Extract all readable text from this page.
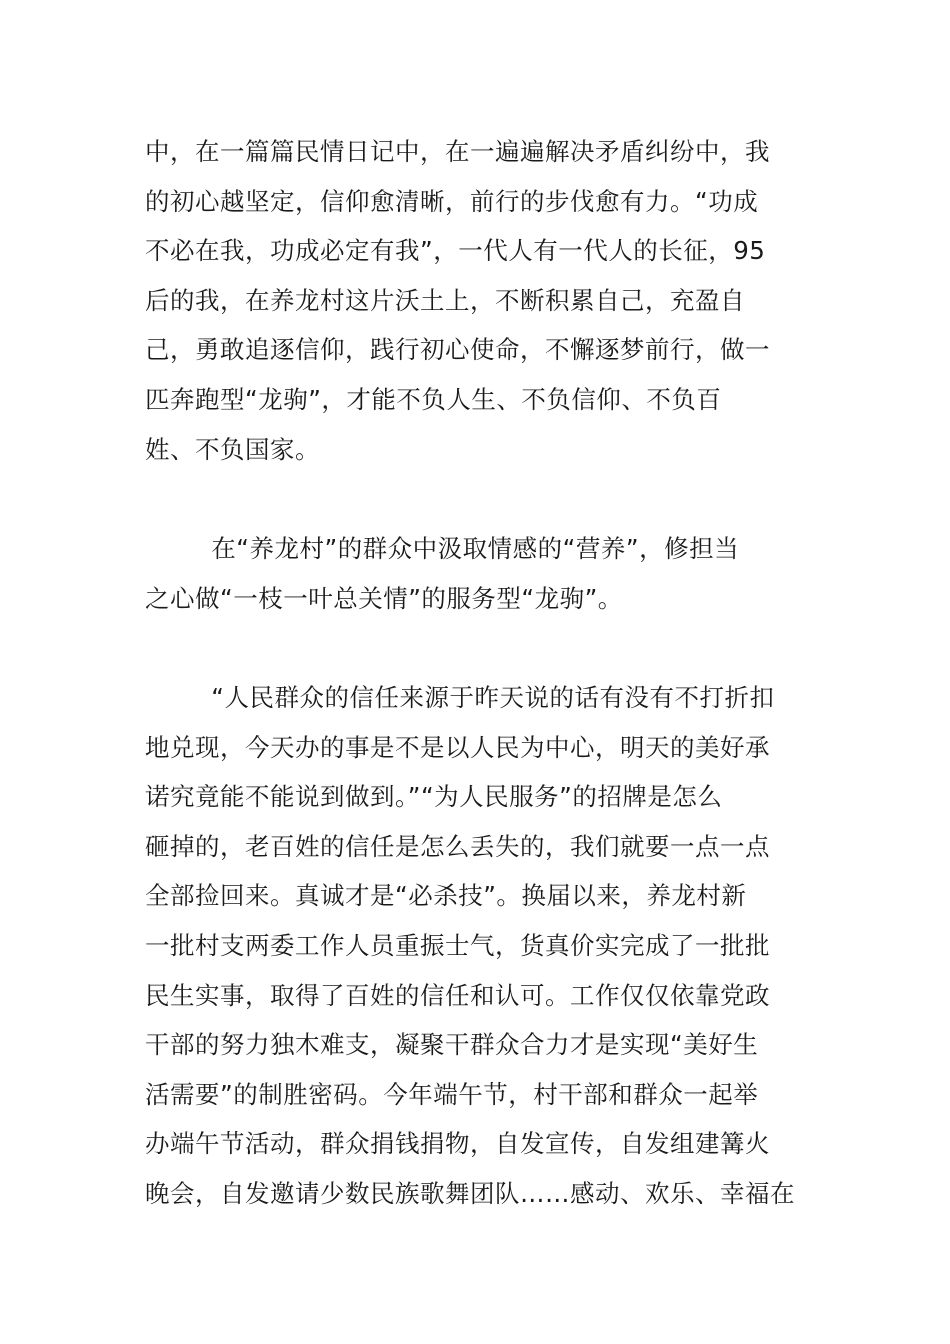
中，在一篇篇民情日记中，在一遍遍解决矛盾纠纷中，我
的初心越坚定，信仰愈清晰，前行的步伐愈有力。“功成
不必在我，功成必定有我”，一代人有一代人的长征，95
后的我，在养龙村这片沃土上，不断积累自己，充盈自
己，勇敢追逐信仰，践行初心使命，不懈逐梦前行，做一
匹奔跑型“龙驹”，才能不负人生、不负信仰、不负百
姓、不负国家。
在“养龙村”的群众中汲取情感的“营养”，修担当
之心做“一枝一叶总关情”的服务型“龙驹”。
“人民群众的信任来源于昨天说的话有没有不打折扣
地兑现，今天办的事是不是以人民为中心，明天的美好承
诺究竟能不能说到做到。”“为人民服务”的招牌是怎么
砸掉的，老百姓的信任是怎么丢失的，我们就要一点一点
全部捡回来。真诚才是“必杀技”。换届以来，养龙村新
一批村支两委工作人员重振士气，货真价实完成了一批批
民生实事，取得了百姓的信任和认可。工作仅仅依靠党政
干部的努力独木难支，凝聚干群众合力才是实现“美好生
活需要”的制胜密码。今年端午节，村干部和群众一起举
办端午节活动，群众捐钱捐物，自发宣传，自发组建篝火
晚会，自发邀请少数民族歌舞团队……感动、欢乐、幸福在
